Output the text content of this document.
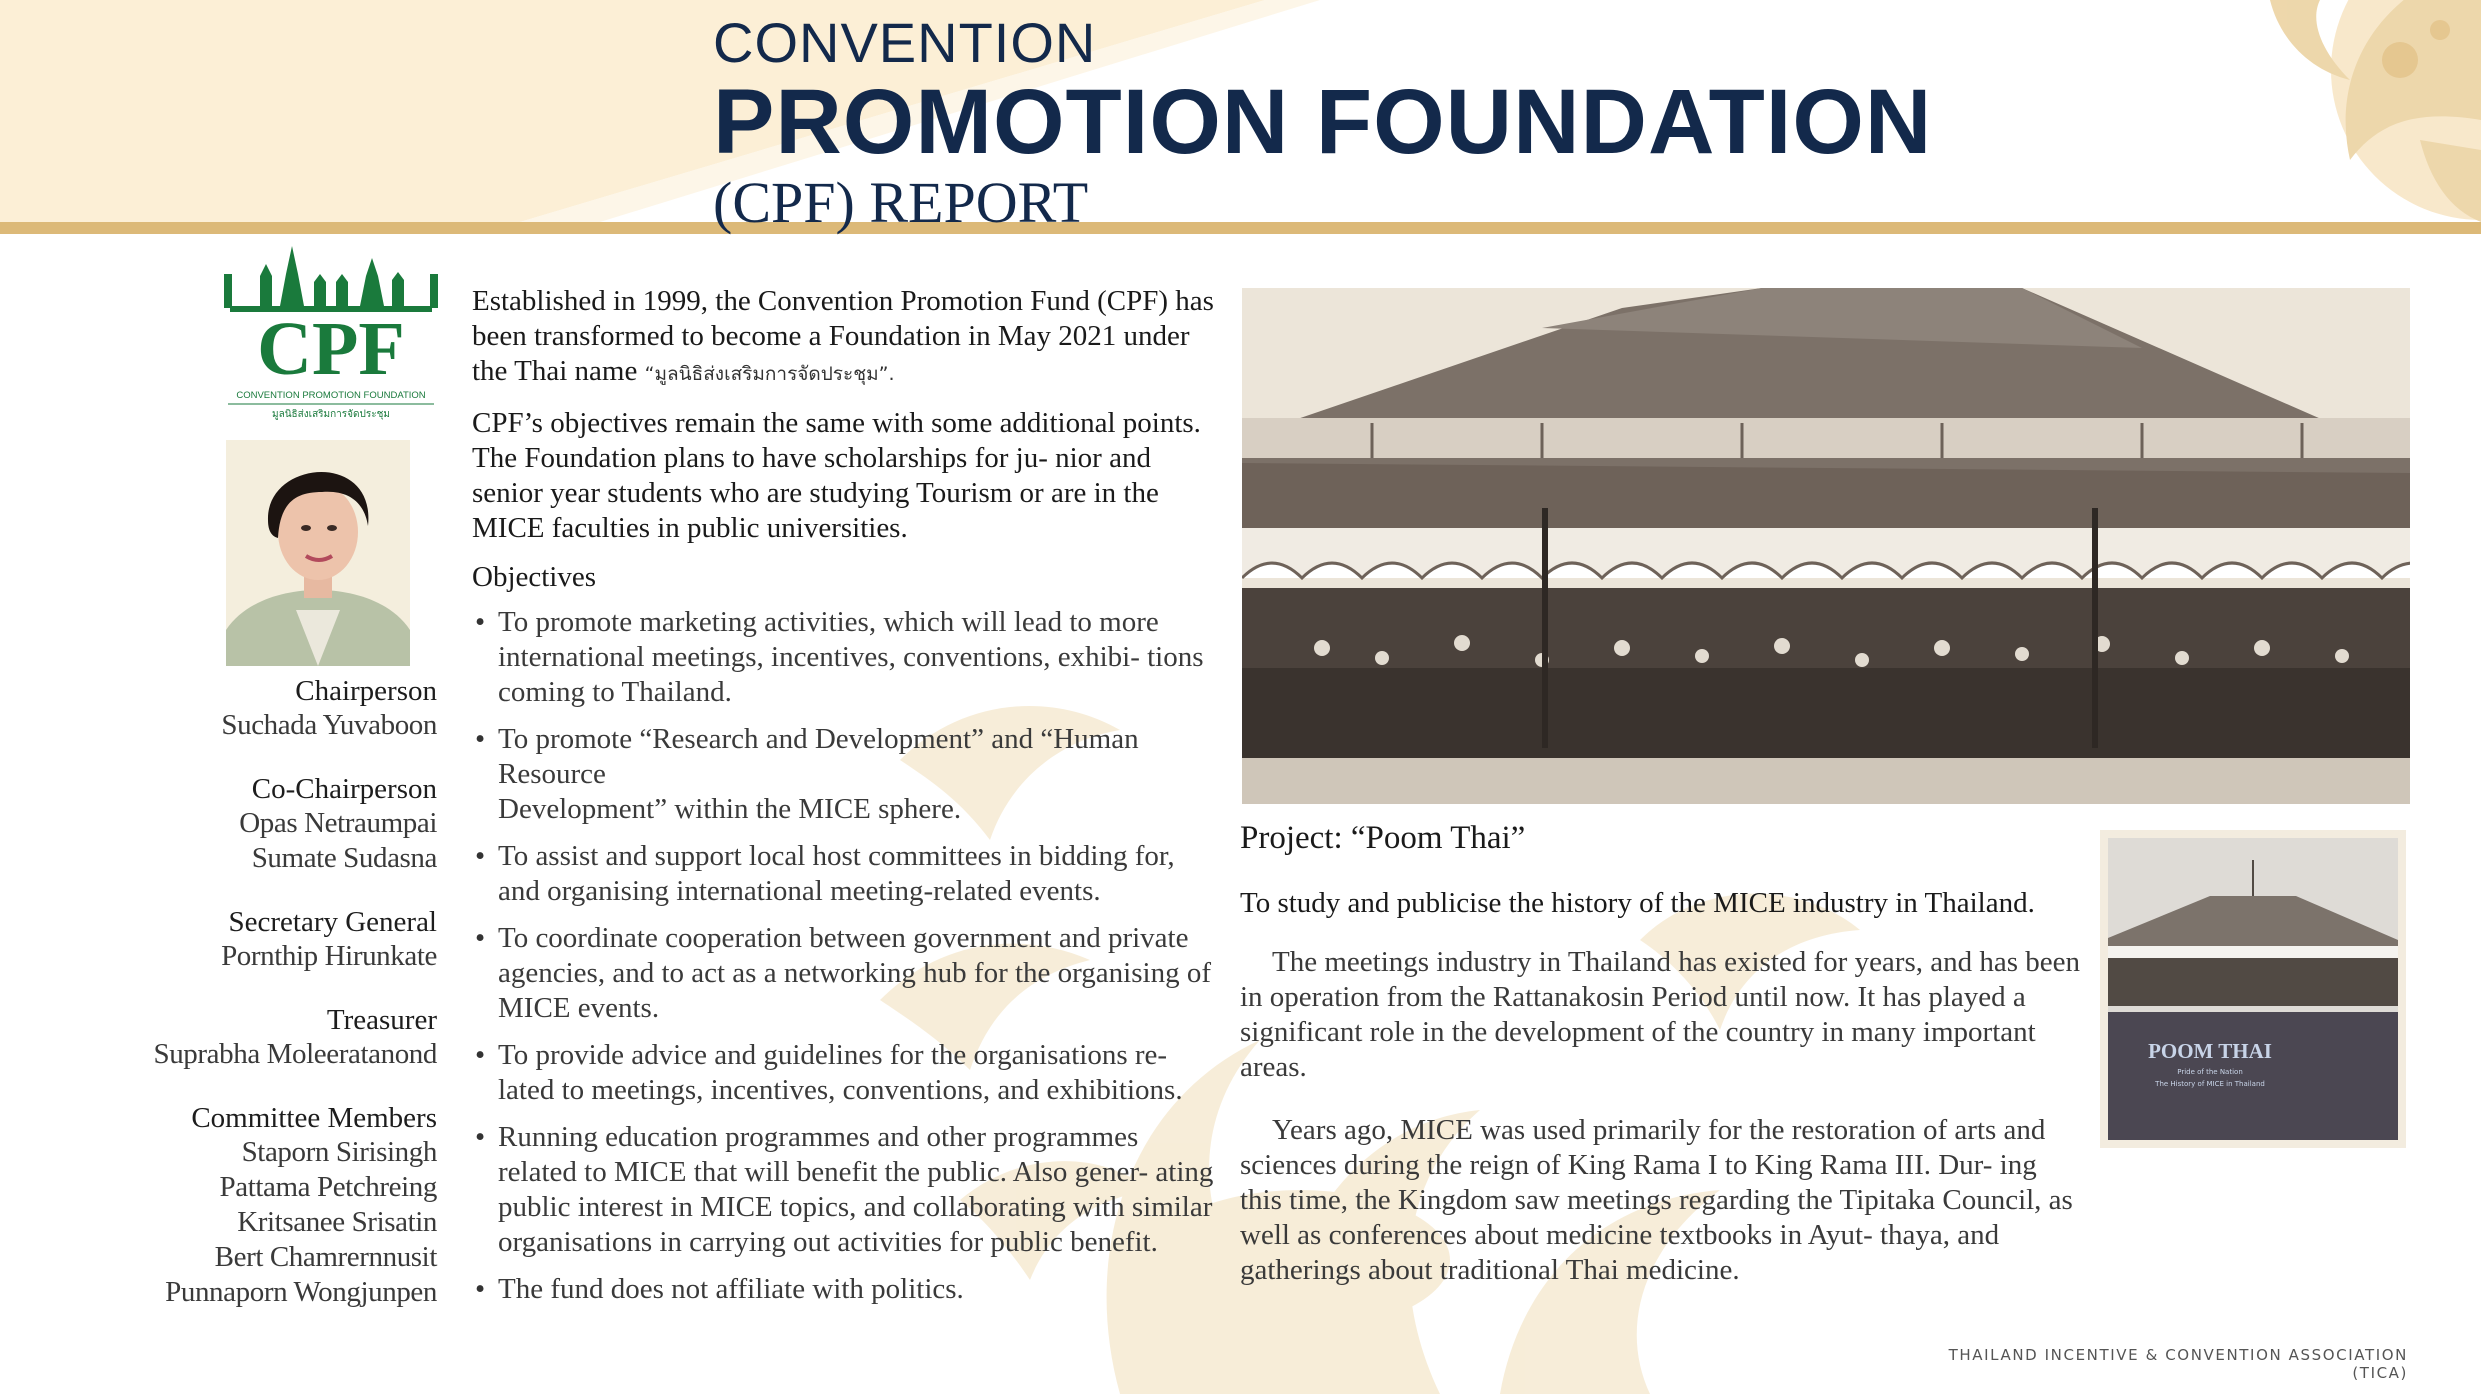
CONVENTION
PROMOTION FOUNDATION
(CPF) REPORT
CPF
CONVENTION PROMOTION FOUNDATION
มูลนิธิส่งเสริมการจัดประชุม
Chairperson
Suchada Yuvaboon
Co-Chairperson
Opas Netraumpai
Sumate Sudasna
Secretary General
Pornthip Hirunkate
Treasurer
Suprabha Moleeratanond
Committee Members
Staporn Sirisingh
Pattama Petchreing
Kritsanee Srisatin
Bert Chamrernnusit
Punnaporn Wongjunpen

Established in 1999, the Convention Promotion Fund (CPF) has been transformed to become a Foundation in May 2021 under the Thai name “มูลนิธิส่งเสริมการจัดประชุม”.

CPF’s objectives remain the same with some additional points. The Foundation plans to have scholarships for ju- nior and senior year students who are studying Tourism or are in the MICE faculties in public universities.

Objectives
• To promote marketing activities, which will lead to more international meetings, incentives, conventions, exhibi- tions coming to Thailand.
• To promote “Research and Development” and “Human Resource
Development” within the MICE sphere.
• To assist and support local host committees in bidding for,
and organising international meeting-related events.
• To coordinate cooperation between government and private agencies, and to act as a networking hub for the organising of MICE events.
• To provide advice and guidelines for the organisations re- lated to meetings, incentives, conventions, and exhibitions.
• Running education programmes and other programmes related to MICE that will benefit the public. Also gener- ating public interest in MICE topics, and collaborating with similar organisations in carrying out activities for public benefit.
• The fund does not affiliate with politics.
Project: “Poom Thai”
To study and publicise the history of the MICE industry in Thailand.

The meetings industry in Thailand has existed for years, and has been in operation from the Rattanakosin Period until now. It has played a significant role in the development of the country in many important areas.

Years ago, MICE was used primarily for the restoration of arts and sciences during the reign of King Rama I to King Rama III. Dur- ing this time, the Kingdom saw meetings regarding the Tipitaka Council, as well as conferences about medicine textbooks in Ayut- thaya, and gatherings about traditional Thai medicine.

POOM THAI
Pride of the Nation
The History of MICE in Thailand
THAILAND INCENTIVE & CONVENTION ASSOCIATION (TICA)
